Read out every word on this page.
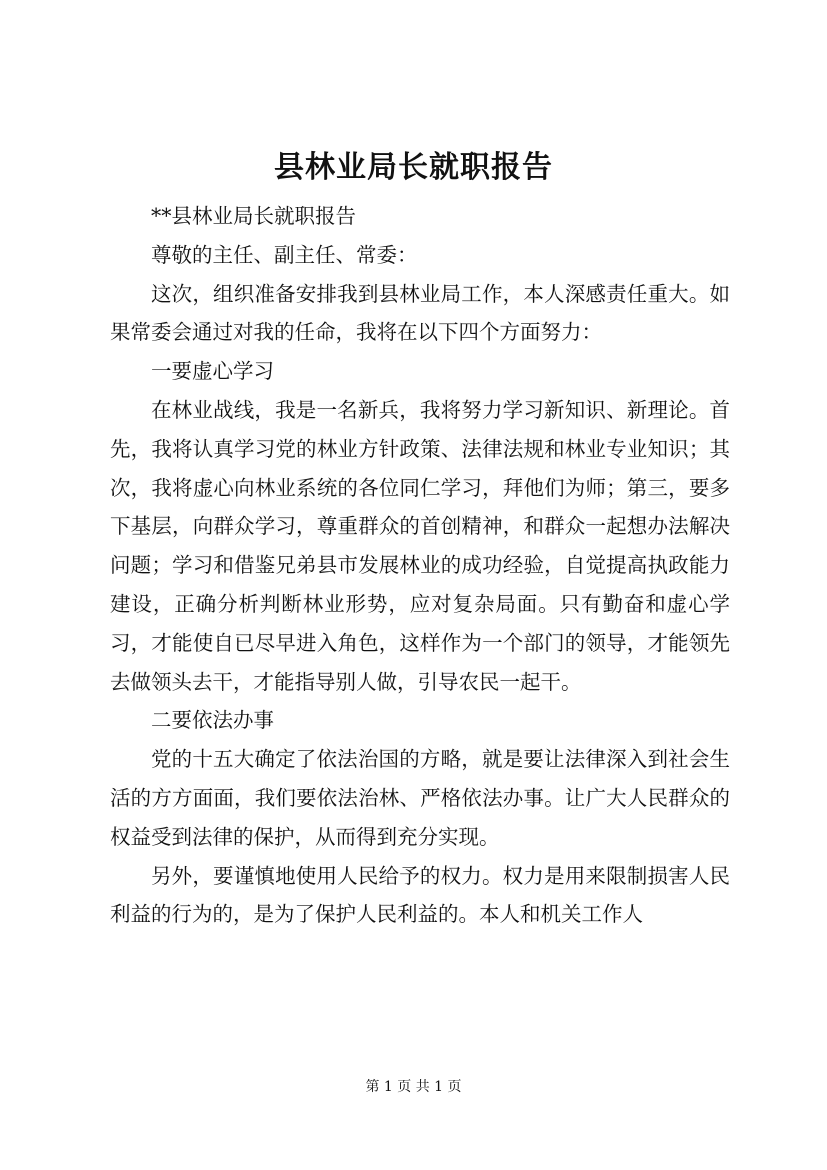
县林业局长就职报告

**县林业局长就职报告

尊敬的主任、副主任、常委：

这次，组织准备安排我到县林业局工作，本人深感责任重大。如果常委会通过对我的任命，我将在以下四个方面努力：

一要虚心学习

在林业战线，我是一名新兵，我将努力学习新知识、新理论。首先，我将认真学习党的林业方针政策、法律法规和林业专业知识；其次，我将虚心向林业系统的各位同仁学习，拜他们为师；第三，要多下基层，向群众学习，尊重群众的首创精神，和群众一起想办法解决问题；学习和借鉴兄弟县市发展林业的成功经验，自觉提高执政能力建设，正确分析判断林业形势，应对复杂局面。只有勤奋和虚心学习，才能使自已尽早进入角色，这样作为一个部门的领导，才能领先去做领头去干，才能指导别人做，引导农民一起干。

二要依法办事

党的十五大确定了依法治国的方略，就是要让法律深入到社会生活的方方面面，我们要依法治林、严格依法办事。让广大人民群众的权益受到法律的保护，从而得到充分实现。

另外，要谨慎地使用人民给予的权力。权力是用来限制损害人民利益的行为的，是为了保护人民利益的。本人和机关工作人

第 1 页 共 1 页
